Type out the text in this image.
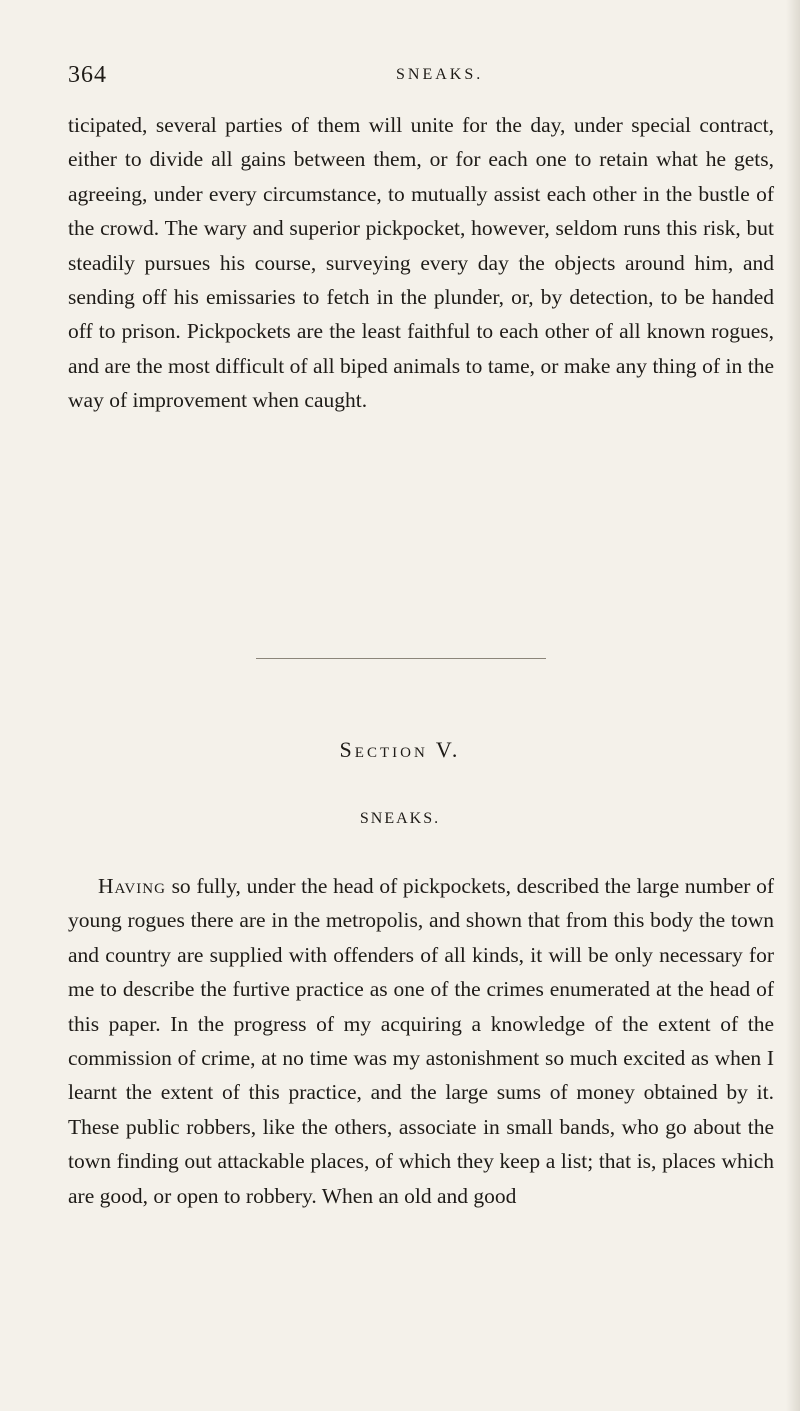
364	SNEAKS.

ticipated, several parties of them will unite for the day, under special contract, either to divide all gains between them, or for each one to retain what he gets, agreeing, under every circumstance, to mutually assist each other in the bustle of the crowd. The wary and superior pickpocket, however, seldom runs this risk, but steadily pursues his course, surveying every day the objects around him, and sending off his emissaries to fetch in the plunder, or, by detection, to be handed off to prison. Pickpockets are the least faithful to each other of all known rogues, and are the most difficult of all biped animals to tame, or make any thing of in the way of improvement when caught.

Section V.
SNEAKS.

Having so fully, under the head of pickpockets, described the large number of young rogues there are in the metropolis, and shown that from this body the town and country are supplied with offenders of all kinds, it will be only necessary for me to describe the furtive practice as one of the crimes enumerated at the head of this paper. In the progress of my acquiring a knowledge of the extent of the commission of crime, at no time was my astonishment so much excited as when I learnt the extent of this practice, and the large sums of money obtained by it. These public robbers, like the others, associate in small bands, who go about the town finding out attackable places, of which they keep a list; that is, places which are good, or open to robbery. When an old and good
